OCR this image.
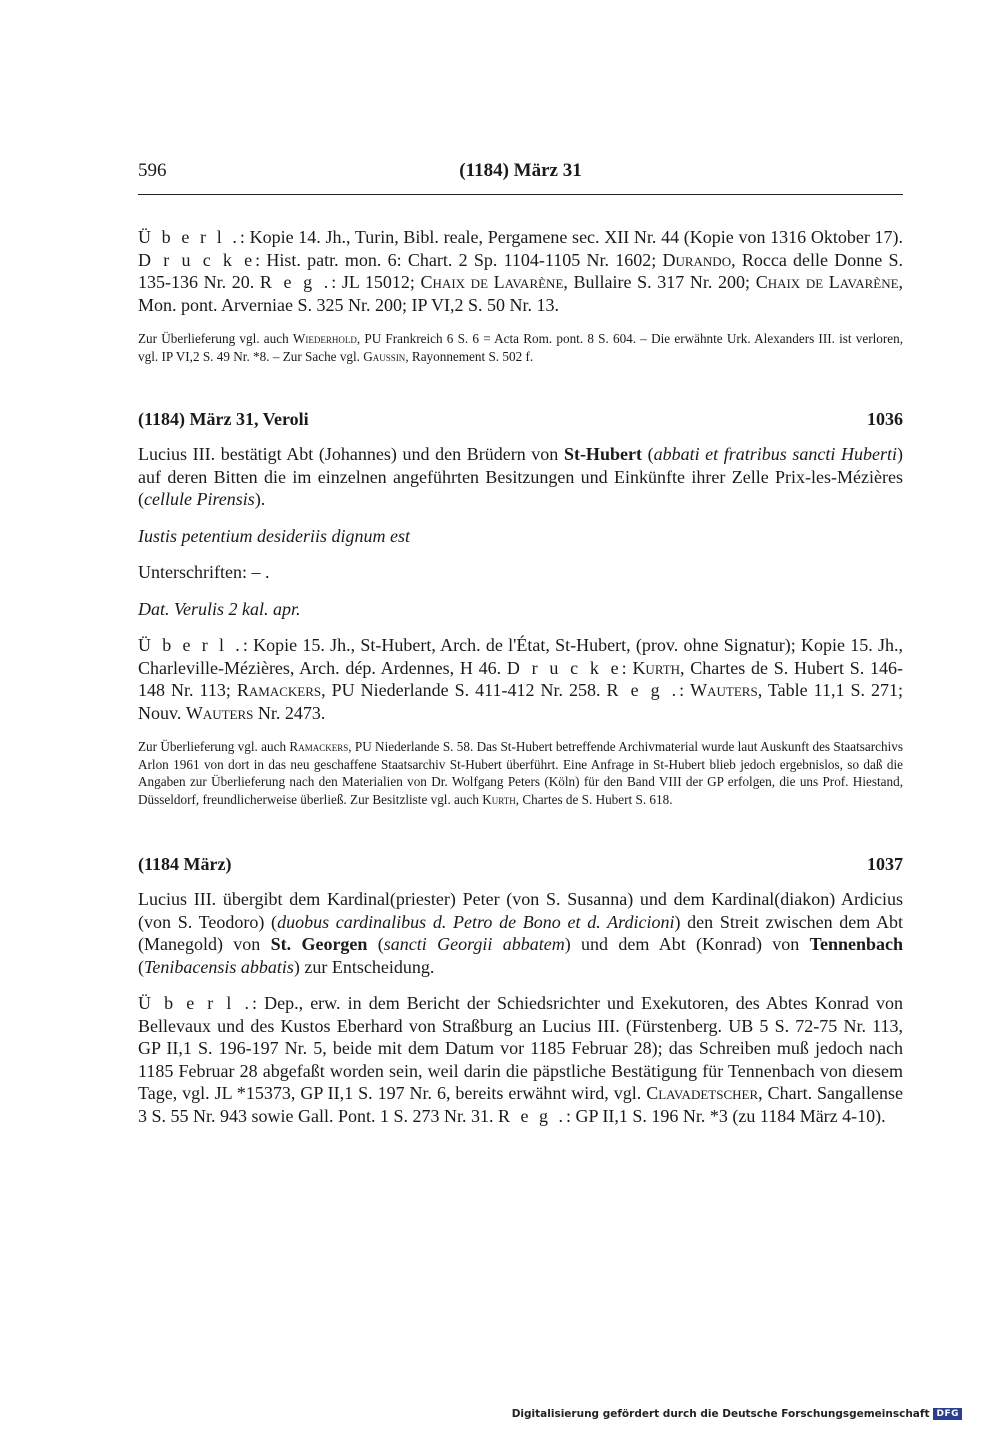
596	(1184) März 31

Ü b e r l .: Kopie 14. Jh., Turin, Bibl. reale, Pergamene sec. XII Nr. 44 (Kopie von 1316 Oktober 17). D r u c k e: Hist. patr. mon. 6: Chart. 2 Sp. 1104-1105 Nr. 1602; Durando, Rocca delle Donne S. 135-136 Nr. 20. R e g .: JL 15012; Chaix de Lavarène, Bullaire S. 317 Nr. 200; Chaix de Lavarène, Mon. pont. Arverniae S. 325 Nr. 200; IP VI,2 S. 50 Nr. 13.

Zur Überlieferung vgl. auch Wiederhold, PU Frankreich 6 S. 6 = Acta Rom. pont. 8 S. 604. – Die erwähnte Urk. Alexanders III. ist verloren, vgl. IP VI,2 S. 49 Nr. *8. – Zur Sache vgl. Gaussin, Rayonnement S. 502 f.

(1184) März 31, Veroli	1036

Lucius III. bestätigt Abt (Johannes) und den Brüdern von St-Hubert (abbati et fratribus sancti Huberti) auf deren Bitten die im einzelnen angeführten Besitzungen und Einkünfte ihrer Zelle Prix-les-Mézières (cellule Pirensis).

Iustis petentium desideriis dignum est

Unterschriften: – .

Dat. Verulis 2 kal. apr.

Ü b e r l .: Kopie 15. Jh., St-Hubert, Arch. de l'État, St-Hubert, (prov. ohne Signatur); Kopie 15. Jh., Charleville-Mézières, Arch. dép. Ardennes, H 46. D r u c k e: Kurth, Chartes de S. Hubert S. 146-148 Nr. 113; Ramackers, PU Niederlande S. 411-412 Nr. 258. R e g .: Wauters, Table 11,1 S. 271; Nouv. Wauters Nr. 2473.

Zur Überlieferung vgl. auch Ramackers, PU Niederlande S. 58. Das St-Hubert betreffende Archivmaterial wurde laut Auskunft des Staatsarchivs Arlon 1961 von dort in das neu geschaffene Staatsarchiv St-Hubert überführt. Eine Anfrage in St-Hubert blieb jedoch ergebnislos, so daß die Angaben zur Überlieferung nach den Materialien von Dr. Wolfgang Peters (Köln) für den Band VIII der GP erfolgen, die uns Prof. Hiestand, Düsseldorf, freundlicherweise überließ. Zur Besitzliste vgl. auch Kurth, Chartes de S. Hubert S. 618.

(1184 März)	1037

Lucius III. übergibt dem Kardinal(priester) Peter (von S. Susanna) und dem Kardinal(diakon) Ardicius (von S. Teodoro) (duobus cardinalibus d. Petro de Bono et d. Ardicioni) den Streit zwischen dem Abt (Manegold) von St. Georgen (sancti Georgii abbatem) und dem Abt (Konrad) von Tennenbach (Tenibacensis abbatis) zur Entscheidung.

Ü b e r l .: Dep., erw. in dem Bericht der Schiedsrichter und Exekutoren, des Abtes Konrad von Bellevaux und des Kustos Eberhard von Straßburg an Lucius III. (Fürstenberg. UB 5 S. 72-75 Nr. 113, GP II,1 S. 196-197 Nr. 5, beide mit dem Datum vor 1185 Februar 28); das Schreiben muß jedoch nach 1185 Februar 28 abgefaßt worden sein, weil darin die päpstliche Bestätigung für Tennenbach von diesem Tage, vgl. JL *15373, GP II,1 S. 197 Nr. 6, bereits erwähnt wird, vgl. Clavadetscher, Chart. Sangallense 3 S. 55 Nr. 943 sowie Gall. Pont. 1 S. 273 Nr. 31. R e g .: GP II,1 S. 196 Nr. *3 (zu 1184 März 4-10).

Digitalisierung gefördert durch die Deutsche Forschungsgemeinschaft DFG
